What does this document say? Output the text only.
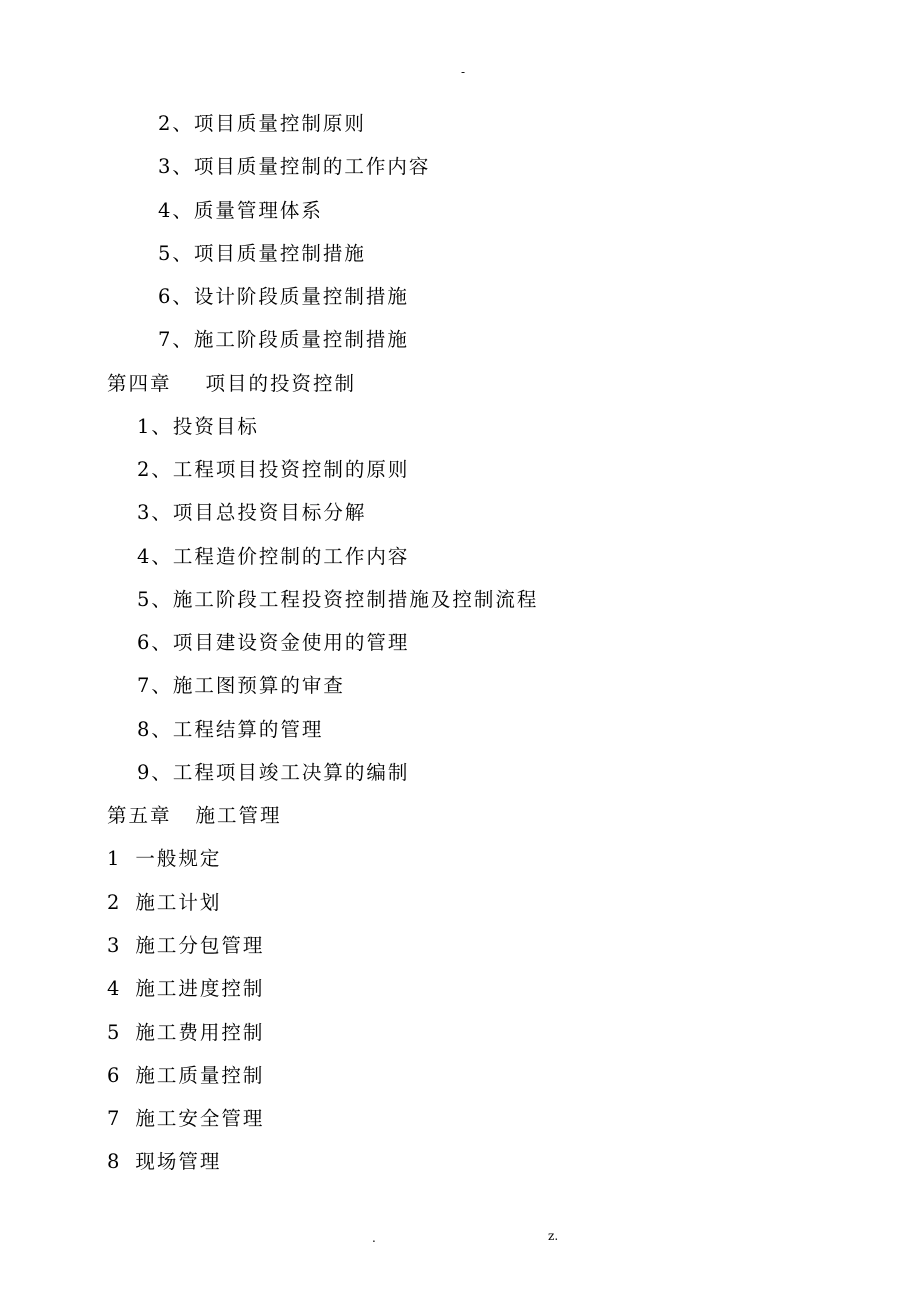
-
2、项目质量控制原则
3、项目质量控制的工作内容
4、质量管理体系
5、项目质量控制措施
6、设计阶段质量控制措施
7、施工阶段质量控制措施
第四章 项目的投资控制
1、投资目标
2、工程项目投资控制的原则
3、项目总投资目标分解
4、工程造价控制的工作内容
5、施工阶段工程投资控制措施及控制流程
6、项目建设资金使用的管理
7、施工图预算的审查
8、工程结算的管理
9、工程项目竣工决算的编制
第五章 施工管理
1 一般规定
2 施工计划
3 施工分包管理
4 施工进度控制
5 施工费用控制
6 施工质量控制
7 施工安全管理
8 现场管理
.	z.
